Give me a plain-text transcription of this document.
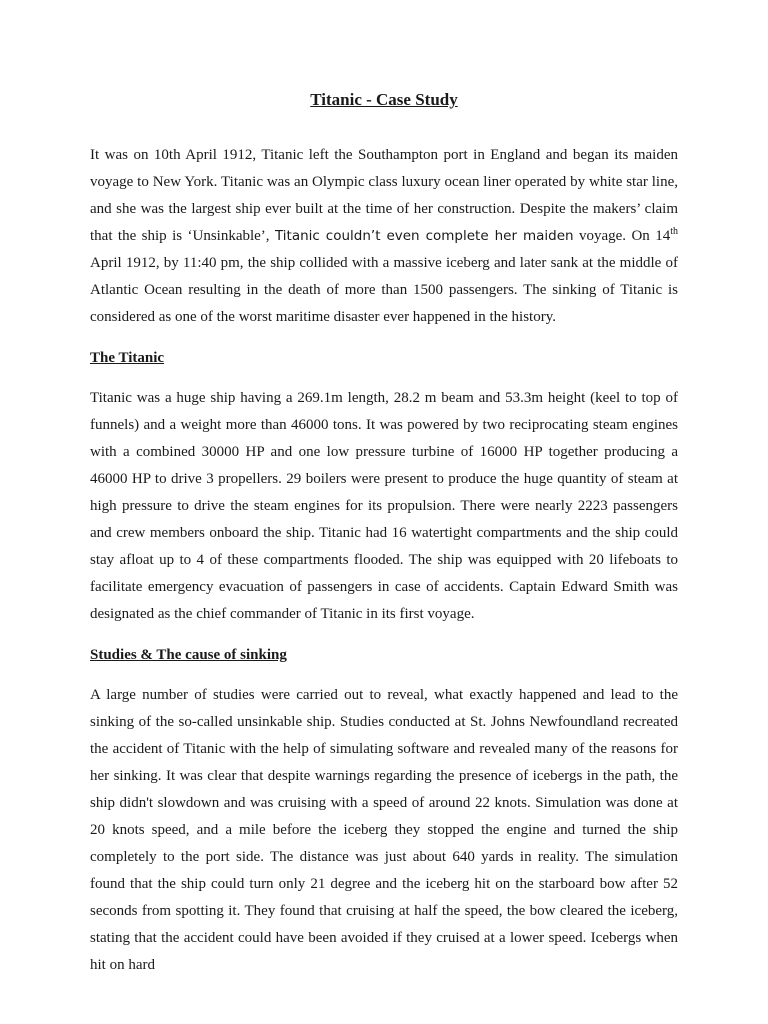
Titanic - Case Study

It was on 10th April 1912, Titanic left the Southampton port in England and began its maiden voyage to New York. Titanic was an Olympic class luxury ocean liner operated by white star line, and she was the largest ship ever built at the time of her construction. Despite the makers’ claim that the ship is ‘Unsinkable’, Titanic couldn’t even complete her maiden voyage. On 14th April 1912, by 11:40 pm, the ship collided with a massive iceberg and later sank at the middle of Atlantic Ocean resulting in the death of more than 1500 passengers. The sinking of Titanic is considered as one of the worst maritime disaster ever happened in the history.

The Titanic

Titanic was a huge ship having a 269.1m length, 28.2 m beam and 53.3m height (keel to top of funnels) and a weight more than 46000 tons. It was powered by two reciprocating steam engines with a combined 30000 HP and one low pressure turbine of 16000 HP together producing a 46000 HP to drive 3 propellers. 29 boilers were present to produce the huge quantity of steam at high pressure to drive the steam engines for its propulsion. There were nearly 2223 passengers and crew members onboard the ship. Titanic had 16 watertight compartments and the ship could stay afloat up to 4 of these compartments flooded. The ship was equipped with 20 lifeboats to facilitate emergency evacuation of passengers in case of accidents. Captain Edward Smith was designated as the chief commander of Titanic in its first voyage.

Studies & The cause of sinking

A large number of studies were carried out to reveal, what exactly happened and lead to the sinking of the so-called unsinkable ship. Studies conducted at St. Johns Newfoundland recreated the accident of Titanic with the help of simulating software and revealed many of the reasons for her sinking. It was clear that despite warnings regarding the presence of icebergs in the path, the ship didn't slowdown and was cruising with a speed of around 22 knots. Simulation was done at 20 knots speed, and a mile before the iceberg they stopped the engine and turned the ship completely to the port side. The distance was just about 640 yards in reality. The simulation found that the ship could turn only 21 degree and the iceberg hit on the starboard bow after 52 seconds from spotting it. They found that cruising at half the speed, the bow cleared the iceberg, stating that the accident could have been avoided if they cruised at a lower speed. Icebergs when hit on hard
